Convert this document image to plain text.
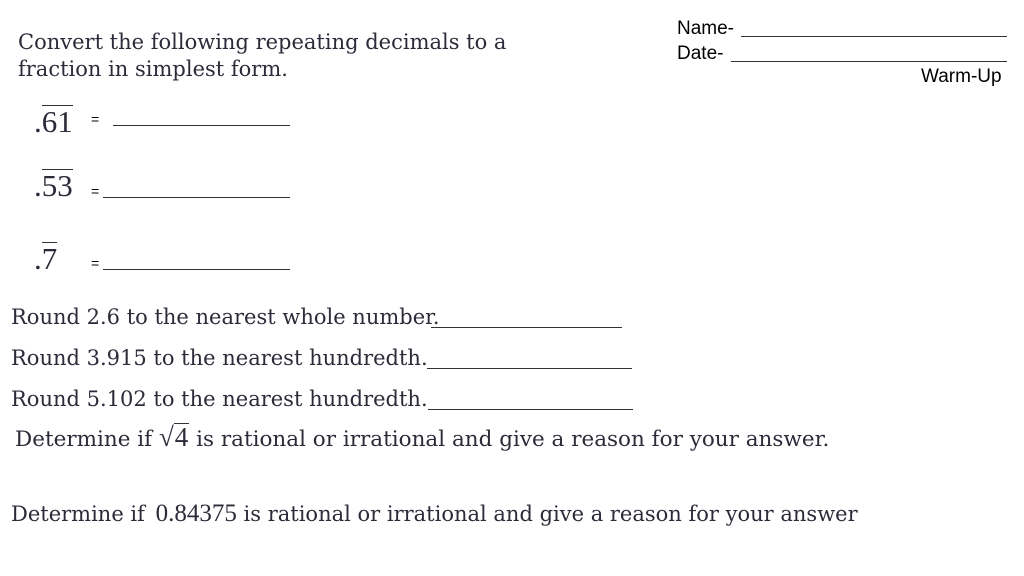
Name-
Date-
Warm-Up
Convert the following repeating decimals to a
fraction in simplest form.
.61 =
.53 =
.7 =
Round 2.6 to the nearest whole number.
Round 3.915 to the nearest hundredth.
Round 5.102 to the nearest hundredth.
Determine if √4 is rational or irrational and give a reason for your answer.
Determine if 0.84375 is rational or irrational and give a reason for your answer
